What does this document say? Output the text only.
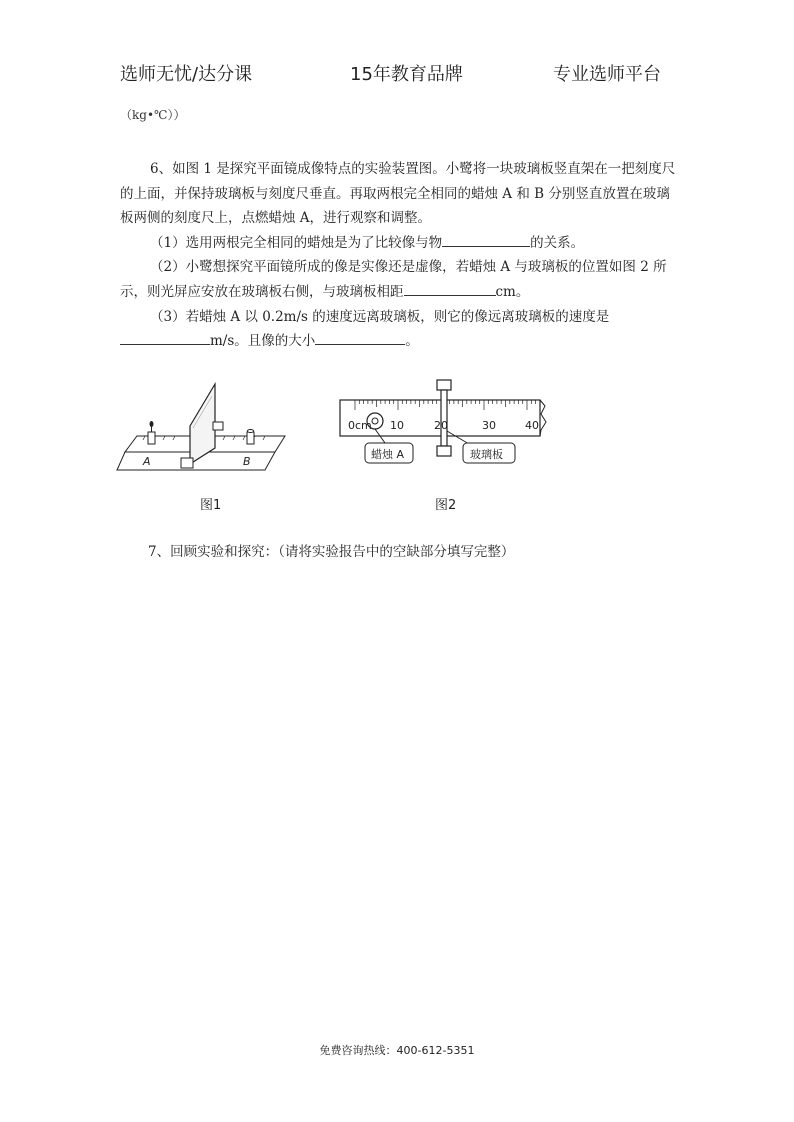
选师无忧/达分课	15年教育品牌	专业选师平台
（kg•℃））

6、如图 1 是探究平面镜成像特点的实验装置图。小鹭将一块玻璃板竖直架在一把刻度尺的上面，并保持玻璃板与刻度尺垂直。再取两根完全相同的蜡烛 A 和 B 分别竖直放置在玻璃板两侧的刻度尺上，点燃蜡烛 A，进行观察和调整。

（1）选用两根完全相同的蜡烛是为了比较像与物	的关系。

（2）小鹭想探究平面镜所成的像是实像还是虚像，若蜡烛 A 与玻璃板的位置如图 2 所示，则光屏应安放在玻璃板右侧，与玻璃板相距	cm。

（3）若蜡烛 A 以 0.2m/s 的速度远离玻璃板，则它的像远离玻璃板的速度是m/s。且像的大小	。

A	B
图1
0cm 10	20	30	40
蜡烛 A	玻璃板
图2
7、回顾实验和探究：（请将实验报告中的空缺部分填写完整）
免费咨询热线：400-612-5351
